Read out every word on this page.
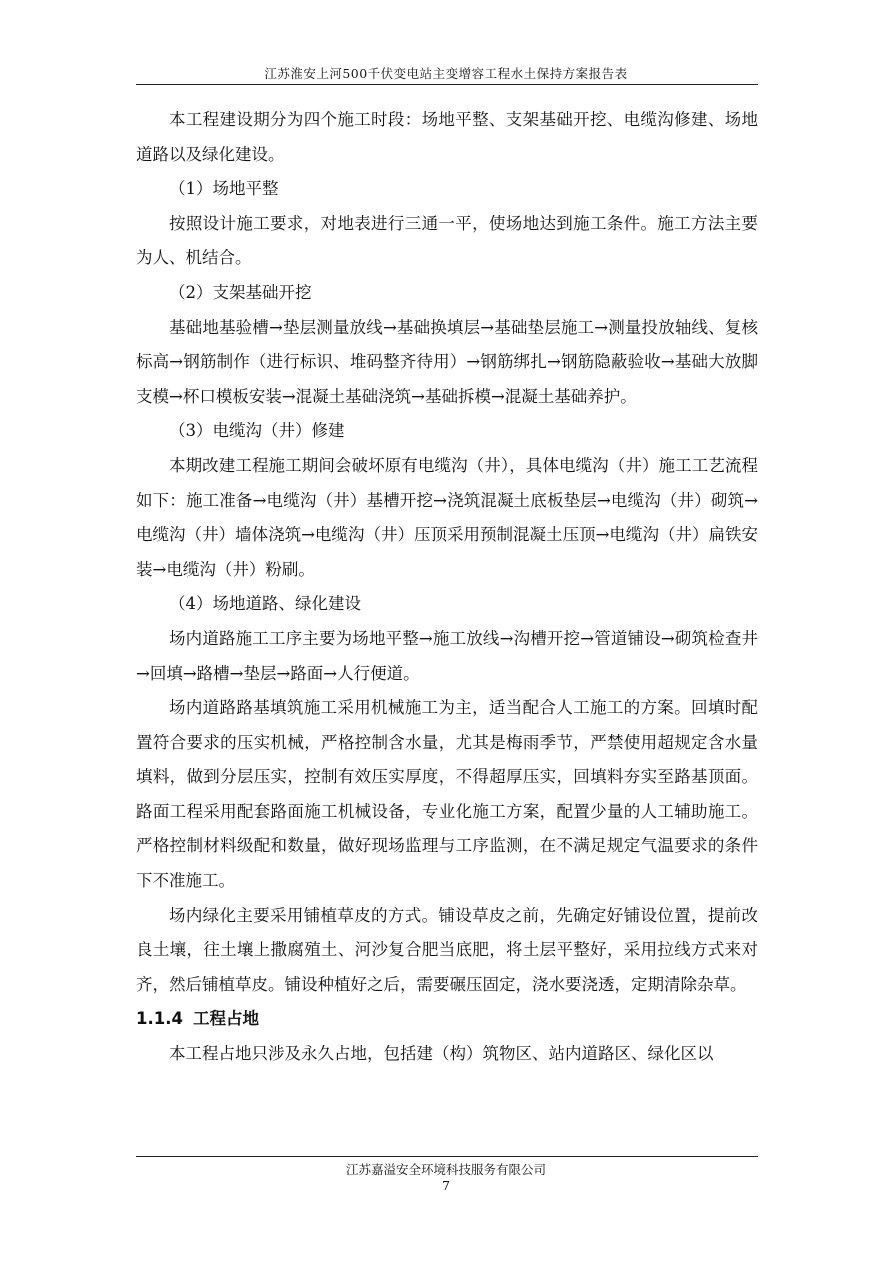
江苏淮安上河500千伏变电站主变增容工程水土保持方案报告表

本工程建设期分为四个施工时段：场地平整、支架基础开挖、电缆沟修建、场地道路以及绿化建设。

（1）场地平整

按照设计施工要求，对地表进行三通一平，使场地达到施工条件。施工方法主要为人、机结合。

（2）支架基础开挖

基础地基验槽→垫层测量放线→基础换填层→基础垫层施工→测量投放轴线、复核标高→钢筋制作（进行标识、堆码整齐待用）→钢筋绑扎→钢筋隐蔽验收→基础大放脚支模→杯口模板安装→混凝土基础浇筑→基础拆模→混凝土基础养护。

（3）电缆沟（井）修建

本期改建工程施工期间会破坏原有电缆沟（井），具体电缆沟（井）施工工艺流程如下：施工准备→电缆沟（井）基槽开挖→浇筑混凝土底板垫层→电缆沟（井）砌筑→电缆沟（井）墙体浇筑→电缆沟（井）压顶采用预制混凝土压顶→电缆沟（井）扁铁安装→电缆沟（井）粉刷。

（4）场地道路、绿化建设

场内道路施工工序主要为场地平整→施工放线→沟槽开挖→管道铺设→砌筑检查井→回填→路槽→垫层→路面→人行便道。

场内道路路基填筑施工采用机械施工为主，适当配合人工施工的方案。回填时配置符合要求的压实机械，严格控制含水量，尤其是梅雨季节，严禁使用超规定含水量填料，做到分层压实，控制有效压实厚度，不得超厚压实，回填料夯实至路基顶面。路面工程采用配套路面施工机械设备，专业化施工方案，配置少量的人工辅助施工。严格控制材料级配和数量，做好现场监理与工序监测，在不满足规定气温要求的条件下不准施工。

场内绿化主要采用铺植草皮的方式。铺设草皮之前，先确定好铺设位置，提前改良土壤，往土壤上撒腐殖土、河沙复合肥当底肥，将土层平整好，采用拉线方式来对齐，然后铺植草皮。铺设种植好之后，需要碾压固定，浇水要浇透，定期清除杂草。

1.1.4 工程占地

本工程占地只涉及永久占地，包括建（构）筑物区、站内道路区、绿化区以

江苏嘉溢安全环境科技服务有限公司
7
